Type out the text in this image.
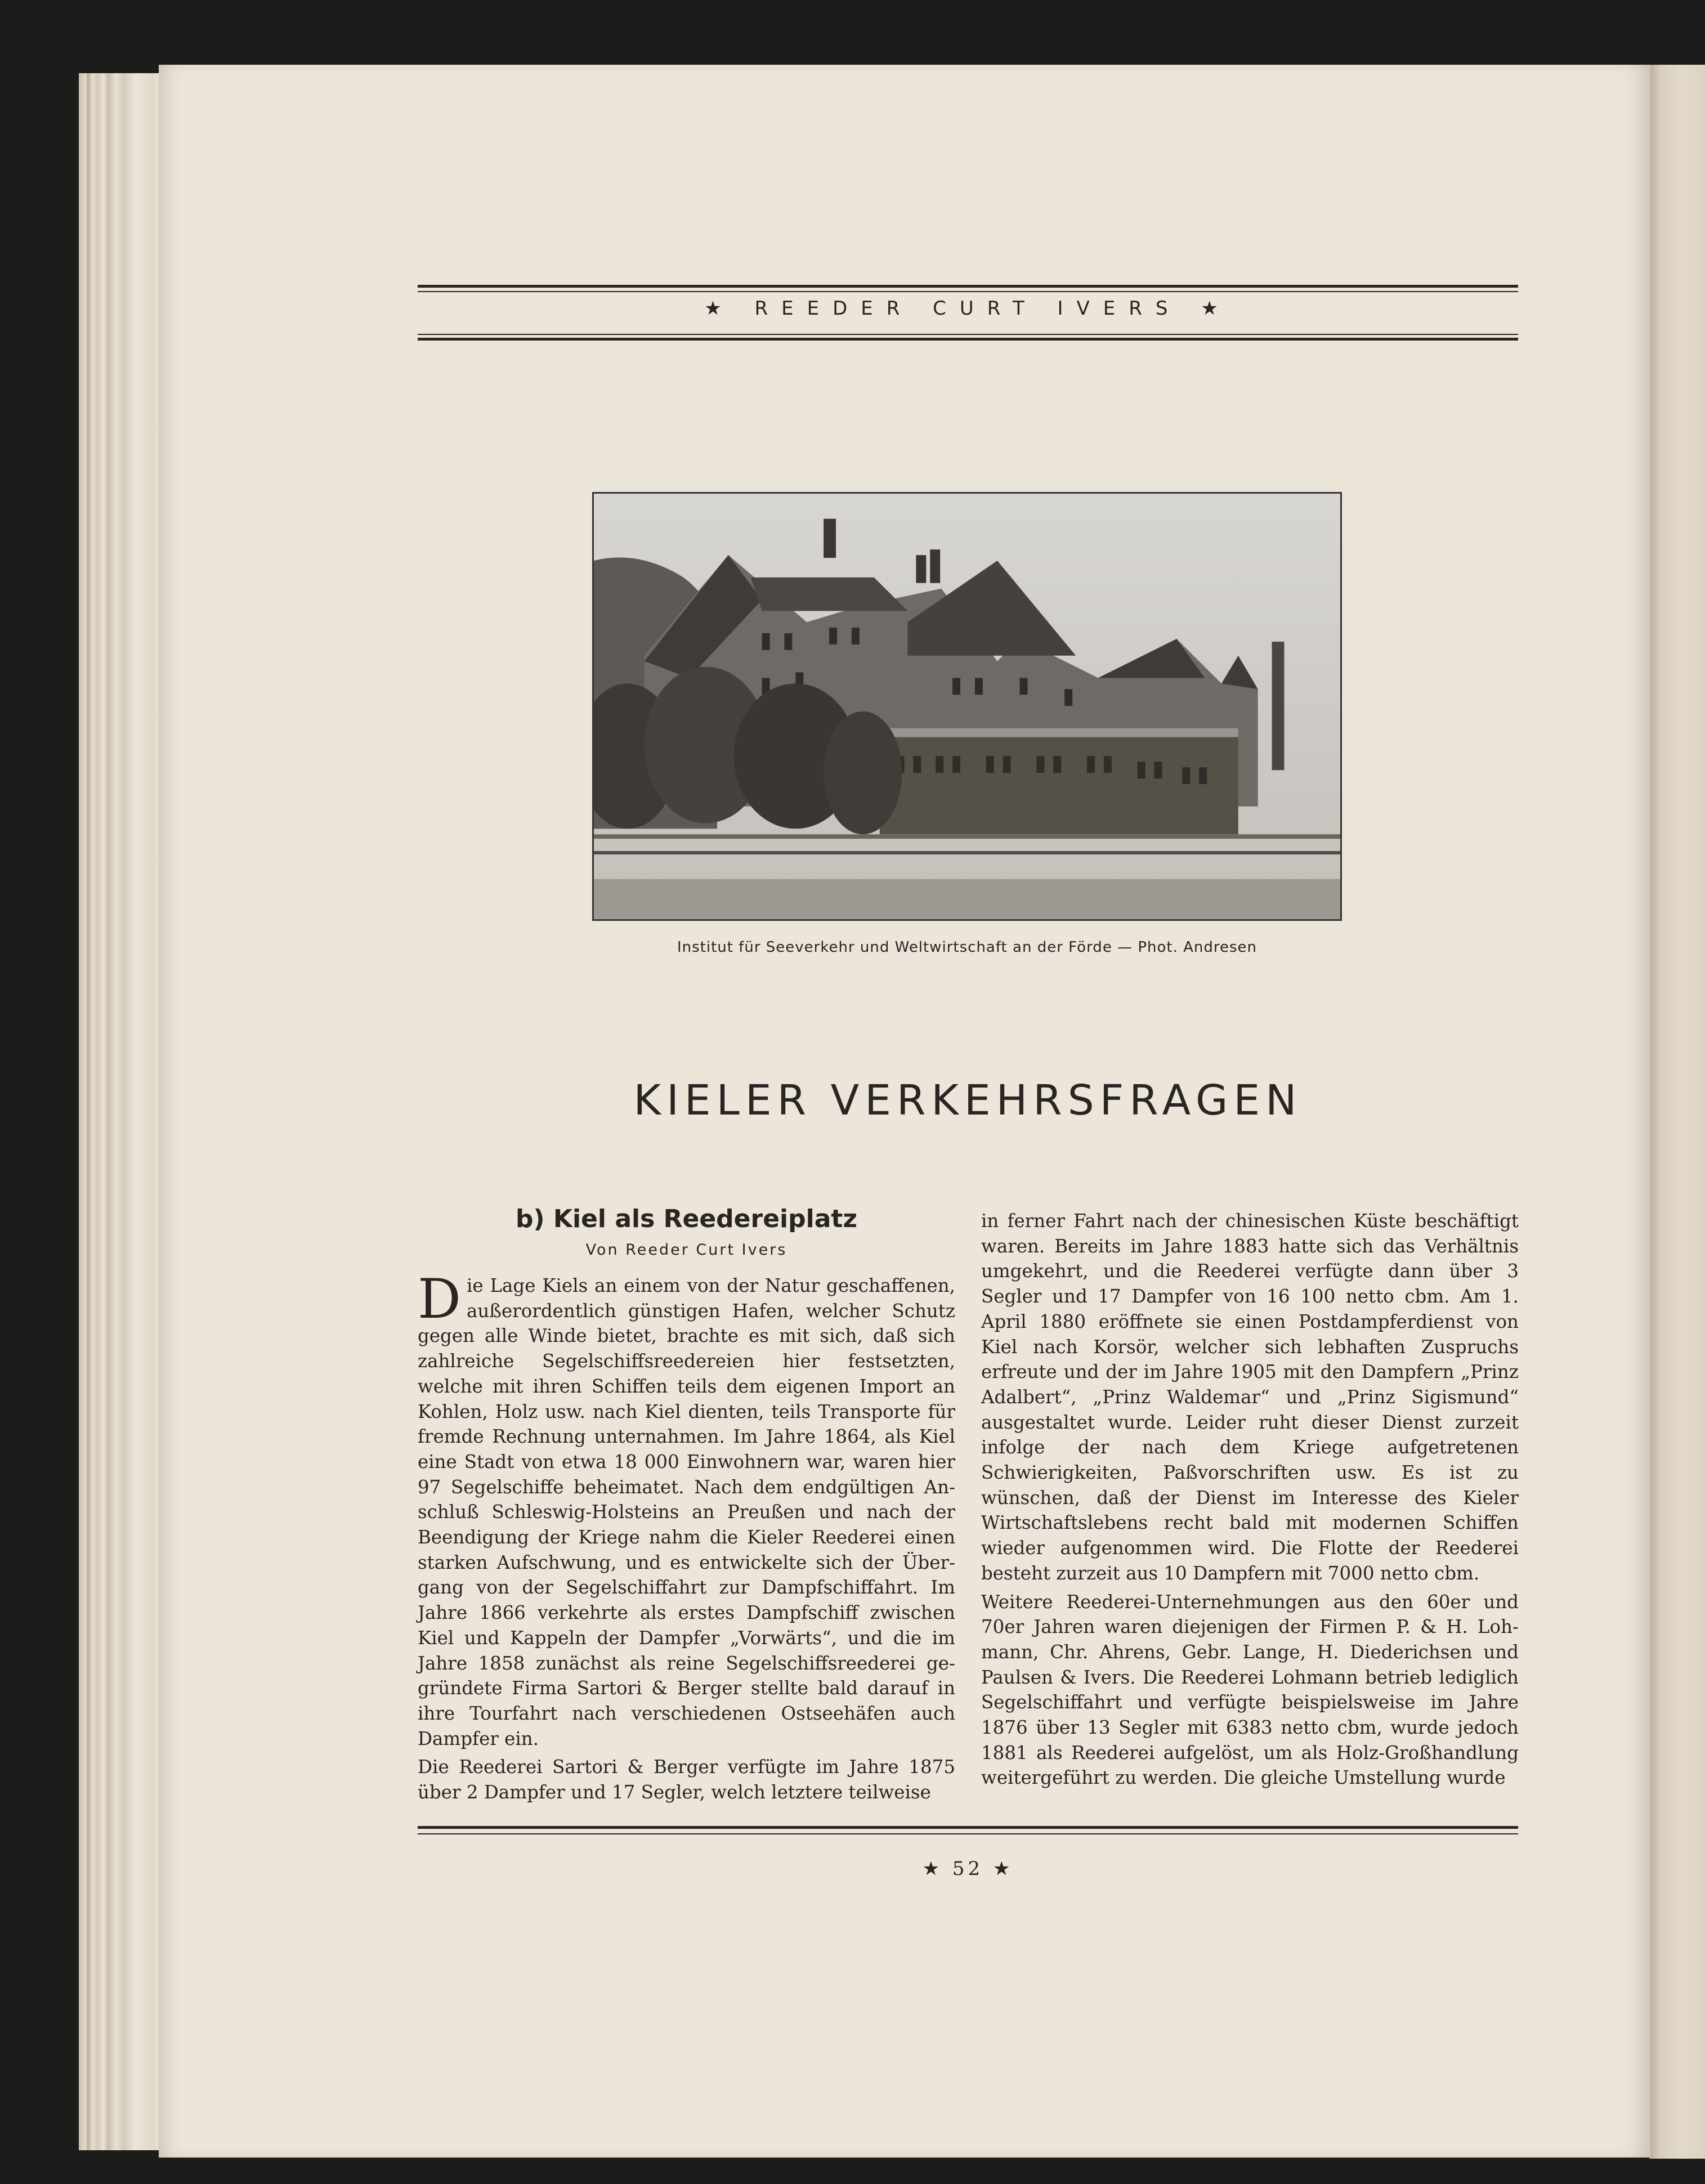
★ REEDER CURT IVERS ★
Institut für Seeverkehr und Weltwirtschaft an der Förde — Phot. Andresen
KIELER VERKEHRSFRAGEN
b) Kiel als Reedereiplatz
Von Reeder Curt Ivers

Die Lage Kiels an einem von der Natur geschaffenen, außerordentlich günstigen Hafen, welcher Schutz gegen alle Winde bietet, brachte es mit sich, daß sich zahlreiche Segelschiffsreedereien hier festsetzten, welche mit ihren Schiffen teils dem eigenen Import an Kohlen, Holz usw. nach Kiel dienten, teils Transporte für fremde Rechnung unternahmen. Im Jahre 1864, als Kiel eine Stadt von etwa 18 000 Einwohnern war, waren hier 97 Segelschiffe beheimatet. Nach dem endgültigen Anschluß Schleswig-Holsteins an Preußen und nach der Beendigung der Kriege nahm die Kieler Reederei einen starken Aufschwung, und es entwickelte sich der Übergang von der Segelschiffahrt zur Dampfschiffahrt. Im Jahre 1866 verkehrte als erstes Dampfschiff zwischen Kiel und Kappeln der Dampfer „Vorwärts“, und die im Jahre 1858 zunächst als reine Segelschiffsreederei gegründete Firma Sartori & Berger stellte bald darauf in ihre Tourfahrt nach verschiedenen Ostseehäfen auch Dampfer ein.

Die Reederei Sartori & Berger verfügte im Jahre 1875 über 2 Dampfer und 17 Segler, welch letztere teilweise

in ferner Fahrt nach der chinesischen Küste beschäftigt waren. Bereits im Jahre 1883 hatte sich das Verhältnis umgekehrt, und die Reederei verfügte dann über 3 Segler und 17 Dampfer von 16 100 netto cbm. Am 1. April 1880 eröffnete sie einen Postdampferdienst von Kiel nach Korsör, welcher sich lebhaften Zuspruchs erfreute und der im Jahre 1905 mit den Dampfern „Prinz Adalbert“, „Prinz Waldemar“ und „Prinz Sigismund“ ausgestaltet wurde. Leider ruht dieser Dienst zurzeit infolge der nach dem Kriege aufgetretenen Schwierigkeiten, Paßvorschriften usw. Es ist zu wünschen, daß der Dienst im Interesse des Kieler Wirtschaftslebens recht bald mit modernen Schiffen wieder aufgenommen wird. Die Flotte der Reederei besteht zurzeit aus 10 Dampfern mit 7000 netto cbm.

Weitere Reederei-Unternehmungen aus den 60er und 70er Jahren waren diejenigen der Firmen P. & H. Lohmann, Chr. Ahrens, Gebr. Lange, H. Diederichsen und Paulsen & Ivers. Die Reederei Lohmann betrieb lediglich Segelschiffahrt und verfügte beispielsweise im Jahre 1876 über 13 Segler mit 6383 netto cbm, wurde jedoch 1881 als Reederei aufgelöst, um als Holz-Großhandlung weitergeführt zu werden. Die gleiche Umstellung wurde

★ 52 ★
